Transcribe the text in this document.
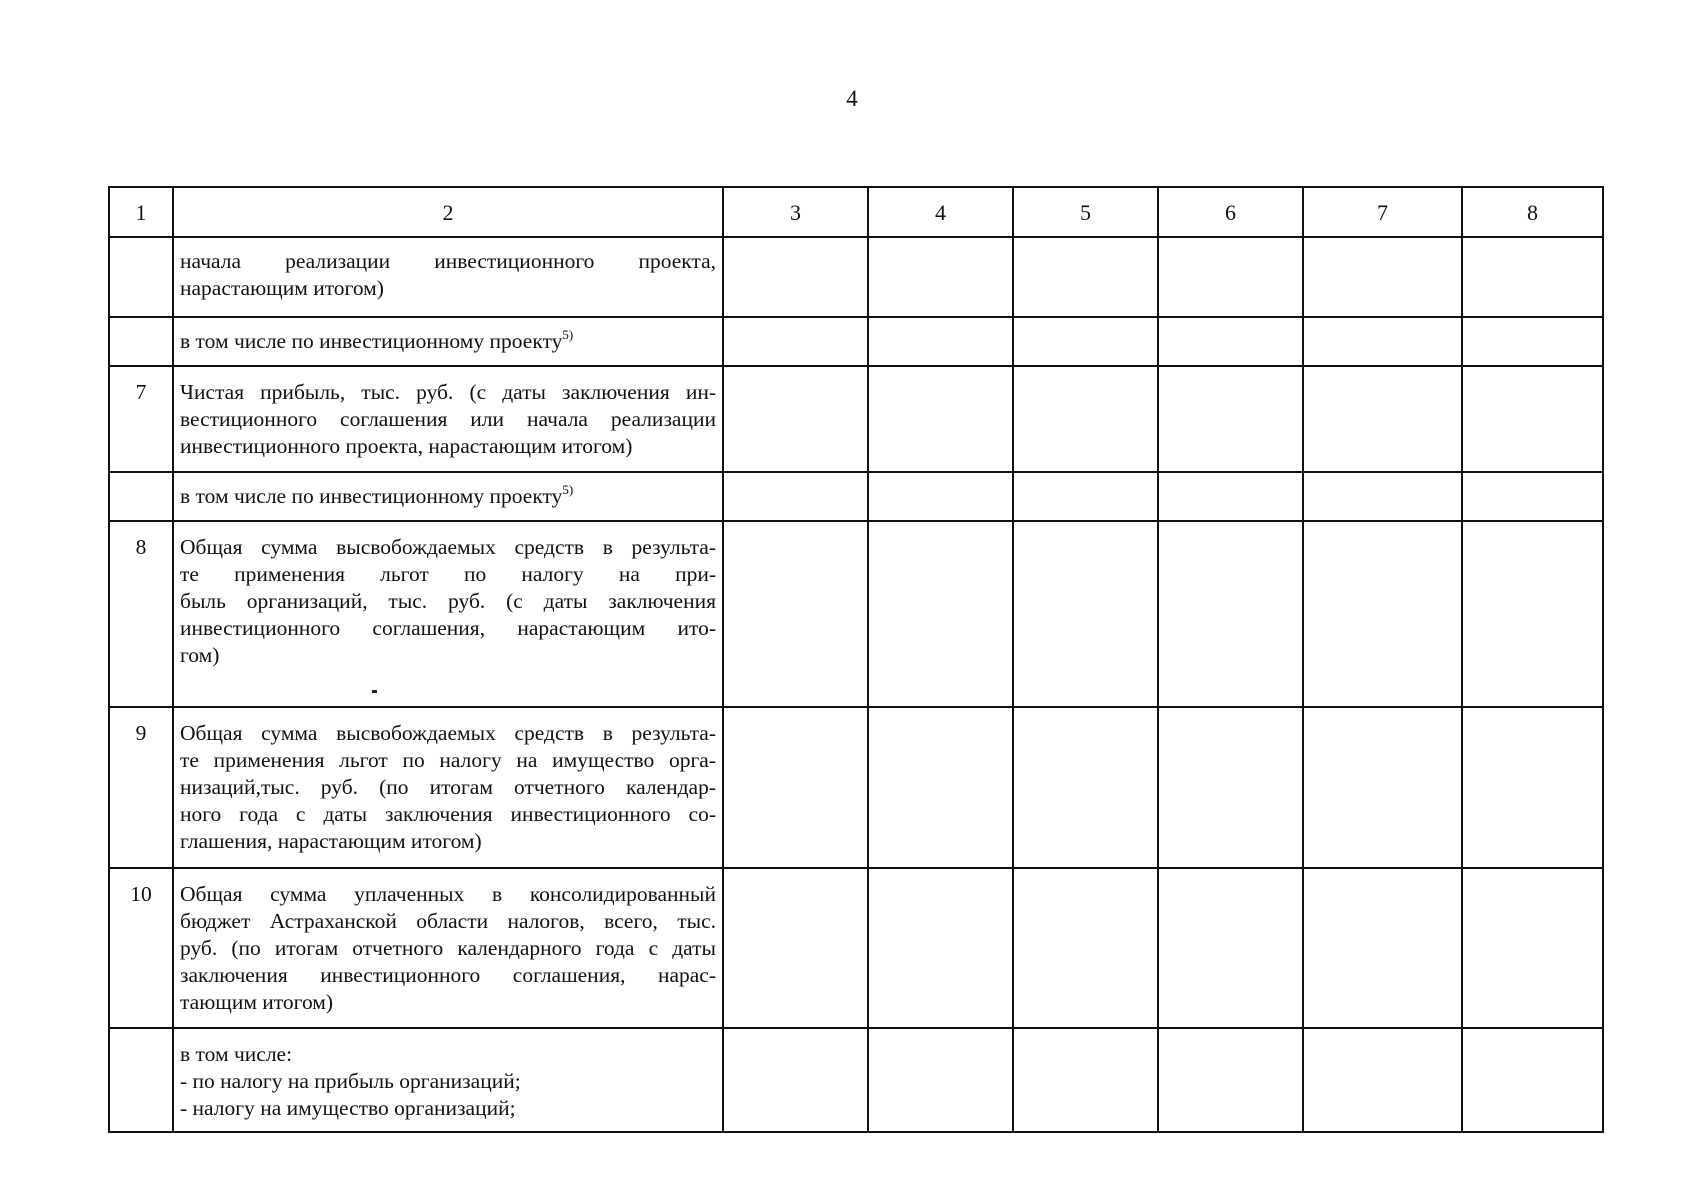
4
1	2	3	4	5	6	7	8

	начала реализации инвестиционного проекта,
нарастающим итогом)						

	в том числе по инвестиционному проекту$^{5)}$						
7	Чистая прибыль, тыс. руб. (с даты заключения ин-
вестиционного соглашения или начала реализации
инвестиционного проекта, нарастающим итогом)						

	в том числе по инвестиционному проекту$^{5)}$						
8	Общая сумма высвобождаемых средств в результа-
те применения льгот по налогу на при-
быль организаций, тыс. руб. (с даты заключения
инвестиционного соглашения, нарастающим ито-
гом)						

9	Общая сумма высвобождаемых средств в результа-
те применения льгот по налогу на имущество орга-
низаций,тыс. руб. (по итогам отчетного календар-
ного года с даты заключения инвестиционного со-
глашения, нарастающим итогом)						

10	Общая сумма уплаченных в консолидированный
бюджет Астраханской области налогов, всего, тыс.
руб. (по итогам отчетного календарного года с даты
заключения инвестиционного соглашения, нарас-
тающим итогом)						

	в том числе:
- по налогу на прибыль организаций;
- налогу на имущество организаций;						
